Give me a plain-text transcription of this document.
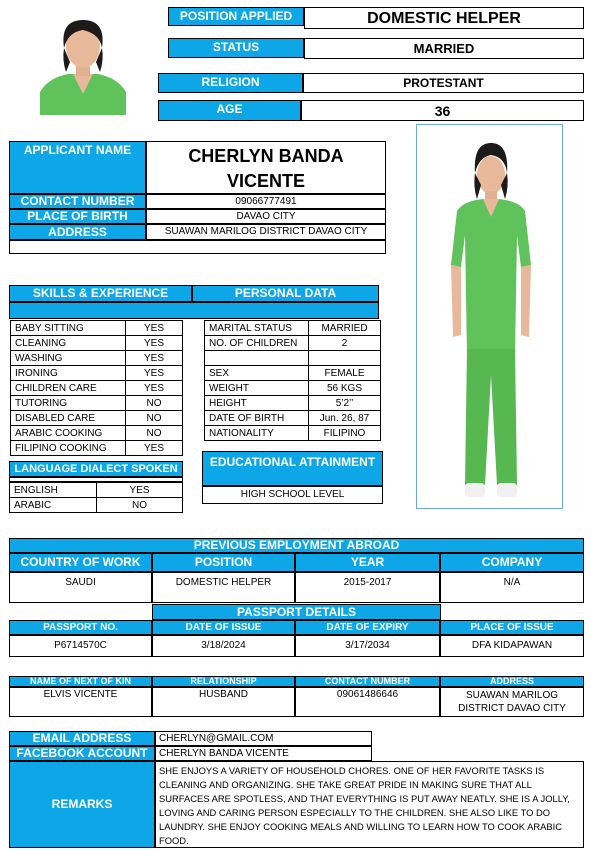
POSITION APPLIED	DOMESTIC HELPER
STATUS	MARRIED
RELIGION	PROTESTANT
AGE	36
APPLICANT NAME	CHERLYN BANDA
VICENTE
CONTACT NUMBER	09066777491
PLACE OF BIRTH	DAVAO CITY
ADDRESS	SUAWAN MARILOG DISTRICT DAVAO CITY
SKILLS & EXPERIENCE	PERSONAL DATA
BABY SITTING	YES
CLEANING	YES
WASHING	YES
IRONING	YES
CHILDREN CARE	YES
TUTORING	NO
DISABLED CARE	NO
ARABIC COOKING	NO
FILIPINO COOKING	YES
MARITAL STATUS	MARRIED
NO. OF CHILDREN	2

SEX	FEMALE
WEIGHT	56 KGS
HEIGHT	5’2’’
DATE OF BIRTH	Jun. 26, 87
NATIONALITY	FILIPINO
LANGUAGE DIALECT SPOKEN
ENGLISH	YES
ARABIC	NO
EDUCATIONAL ATTAINMENT
HIGH SCHOOL LEVEL
PREVIOUS EMPLOYMENT ABROAD
COUNTRY OF WORK	POSITION	YEAR	COMPANY
SAUDI	DOMESTIC HELPER	2015-2017	N/A
PASSPORT DETAILS
PASSPORT NO.	DATE OF ISSUE	DATE OF EXPIRY	PLACE OF ISSUE
P6714570C	3/18/2024	3/17/2034	DFA KIDAPAWAN
NAME OF NEXT OF KIN	RELATIONSHIP	CONTACT NUMBER	ADDRESS
ELVIS VICENTE	HUSBAND	09061486646	SUAWAN MARILOG
DISTRICT DAVAO CITY
EMAIL ADDRESS	CHERLYN@GMAIL.COM
FACEBOOK ACCOUNT	CHERLYN BANDA VICENTE
REMARKS
SHE ENJOYS A VARIETY OF HOUSEHOLD CHORES. ONE OF HER FAVORITE TASKS IS CLEANING AND ORGANIZING. SHE TAKE GREAT PRIDE IN MAKING SURE THAT ALL SURFACES ARE SPOTLESS, AND THAT EVERYTHING IS PUT AWAY NEATLY. SHE IS A JOLLY, LOVING AND CARING PERSON ESPECIALLY TO THE CHILDREN. SHE ALSO LIKE TO DO LAUNDRY. SHE ENJOY COOKING MEALS AND WILLING TO LEARN HOW TO COOK ARABIC FOOD.
